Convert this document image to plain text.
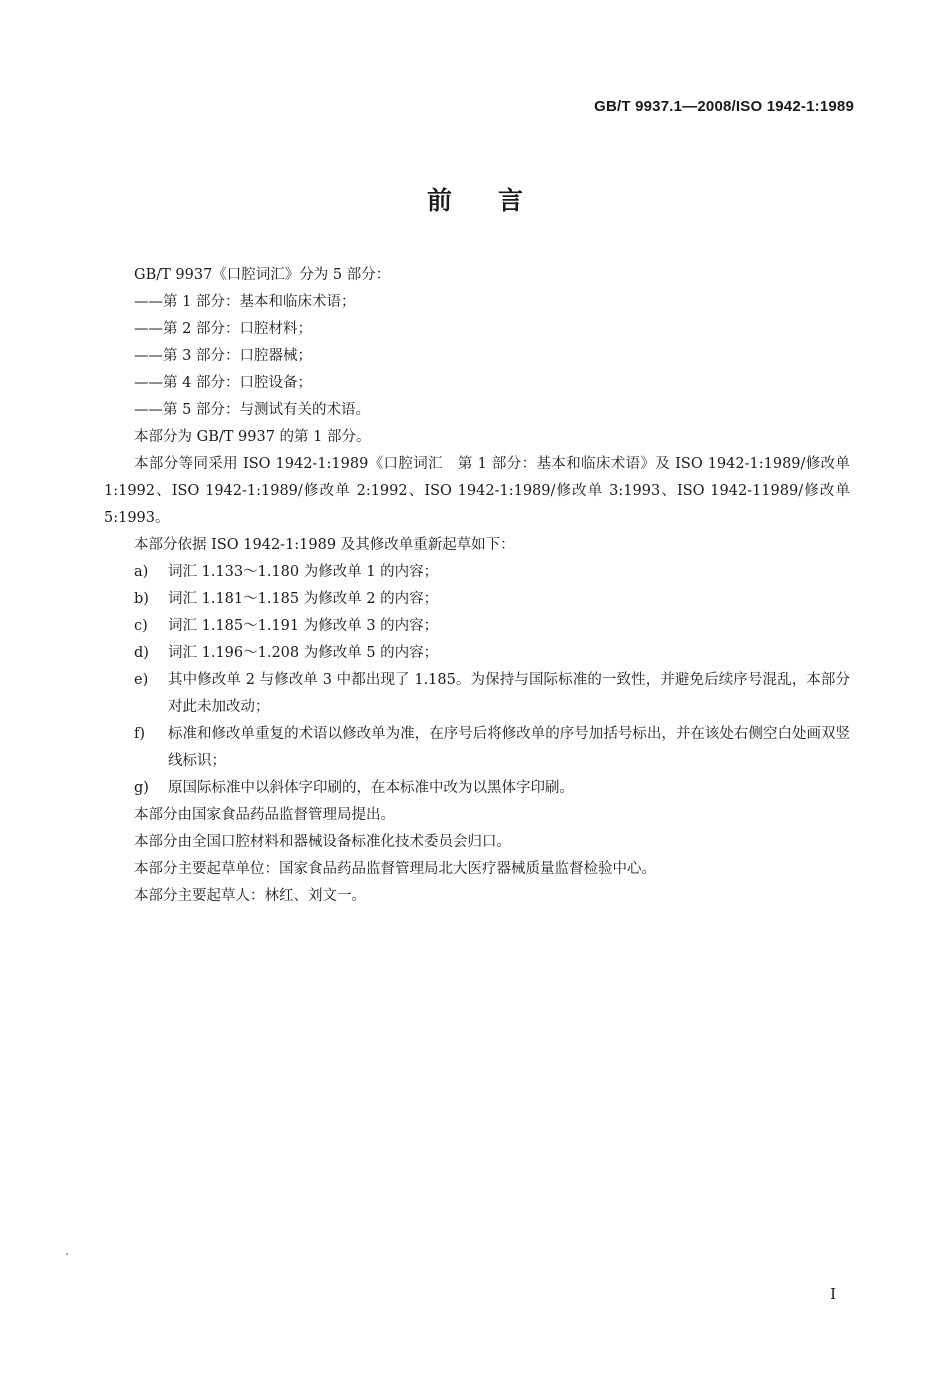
GB/T 9937.1—2008/ISO 1942-1:1989
前言

GB/T 9937《口腔词汇》分为 5 部分：

——第 1 部分：基本和临床术语；

——第 2 部分：口腔材料；

——第 3 部分：口腔器械；

——第 4 部分：口腔设备；

——第 5 部分：与测试有关的术语。

本部分为 GB/T 9937 的第 1 部分。

本部分等同采用 ISO 1942-1:1989《口腔词汇　第 1 部分：基本和临床术语》及 ISO 1942-1:1989/修改单 1:1992、ISO 1942-1:1989/修改单 2:1992、ISO 1942-1:1989/修改单 3:1993、ISO 1942-11989/修改单 5:1993。

本部分依据 ISO 1942-1:1989 及其修改单重新起草如下：

a) 词汇 1.133～1.180 为修改单 1 的内容；
b) 词汇 1.181～1.185 为修改单 2 的内容；
c) 词汇 1.185～1.191 为修改单 3 的内容；
d) 词汇 1.196～1.208 为修改单 5 的内容；
e) 其中修改单 2 与修改单 3 中都出现了 1.185。为保持与国际标准的一致性，并避免后续序号混乱，本部分对此未加改动；
f) 标准和修改单重复的术语以修改单为准，在序号后将修改单的序号加括号标出，并在该处右侧空白处画双竖线标识；
g) 原国际标准中以斜体字印刷的，在本标准中改为以黑体字印刷。

本部分由国家食品药品监督管理局提出。

本部分由全国口腔材料和器械设备标准化技术委员会归口。

本部分主要起草单位：国家食品药品监督管理局北大医疗器械质量监督检验中心。

本部分主要起草人：林红、刘文一。

I
